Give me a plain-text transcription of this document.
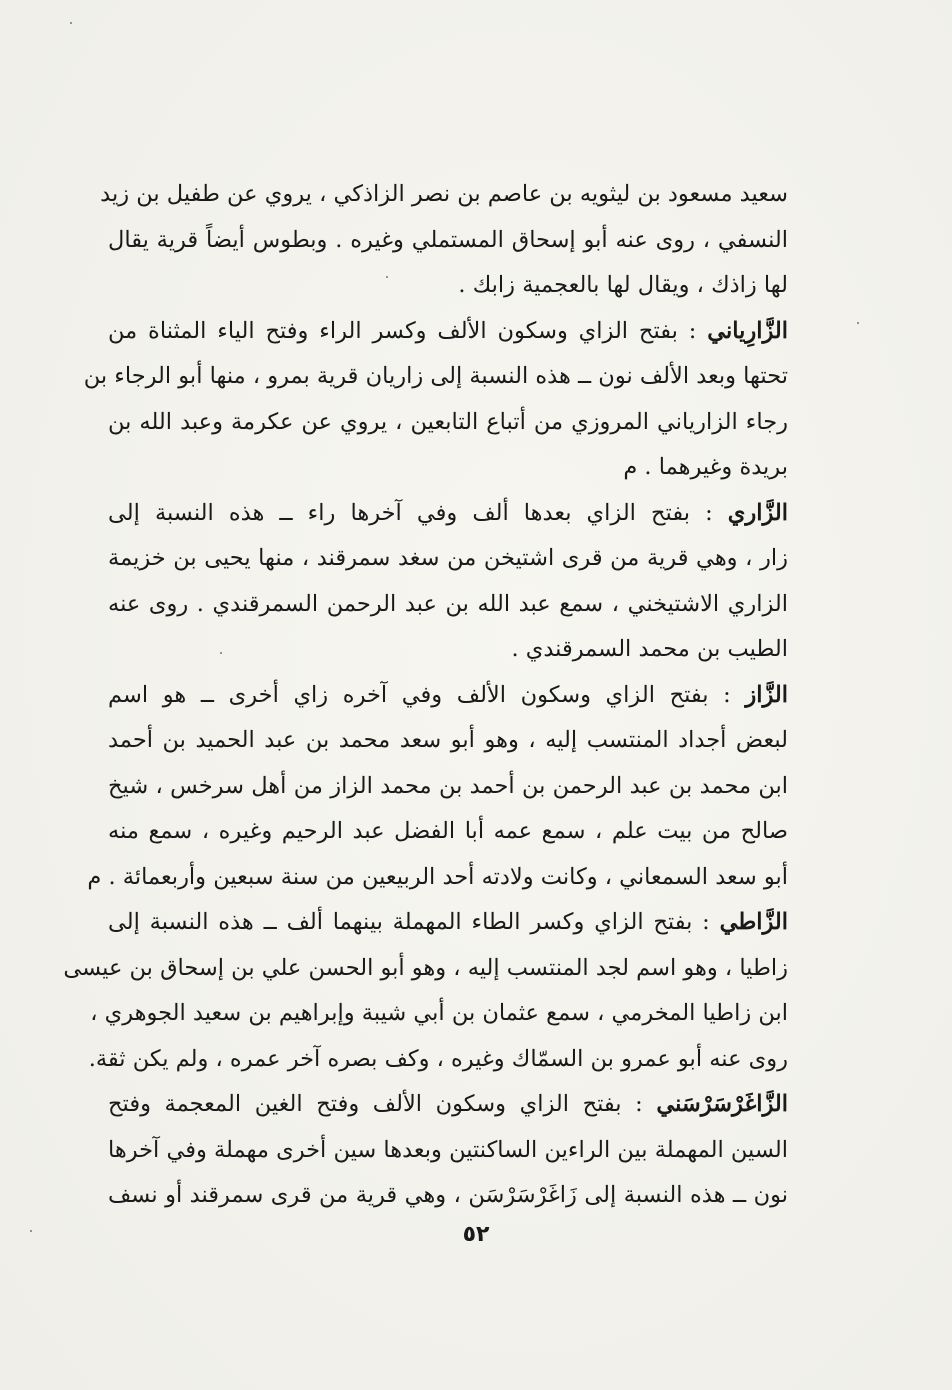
سعيد مسعود بن ليثويه بن عاصم بن نصر الزاذكي ، يروي عن طفيل بن زيد
النسفي ، روى عنه أبو إسحاق المستملي وغيره . وبطوس أيضاً قرية يقال
لها زاذك ، ويقال لها بالعجمية زابك .

الزَّارِياني : بفتح الزاي وسكون الألف وكسر الراء وفتح الياء المثناة من
تحتها وبعد الألف نون ــ هذه النسبة إلى زاريان قرية بمرو ، منها أبو الرجاء بن
رجاء الزارياني المروزي من أتباع التابعين ، يروي عن عكرمة وعبد الله بن
بريدة وغيرهما . م

الزَّاري : بفتح الزاي بعدها ألف وفي آخرها راء ــ هذه النسبة إلى
زار ، وهي قرية من قرى اشتيخن من سغد سمرقند ، منها يحيى بن خزيمة
الزاري الاشتيخني ، سمع عبد الله بن عبد الرحمن السمرقندي . روى عنه
الطيب بن محمد السمرقندي .

الزَّاز : بفتح الزاي وسكون الألف وفي آخره زاي أخرى ــ هو اسم
لبعض أجداد المنتسب إليه ، وهو أبو سعد محمد بن عبد الحميد بن أحمد
ابن محمد بن عبد الرحمن بن أحمد بن محمد الزاز من أهل سرخس ، شيخ
صالح من بيت علم ، سمع عمه أبا الفضل عبد الرحيم وغيره ، سمع منه
أبو سعد السمعاني ، وكانت ولادته أحد الربيعين من سنة سبعين وأربعمائة . م

الزَّاطي : بفتح الزاي وكسر الطاء المهملة بينهما ألف ــ هذه النسبة إلى
زاطيا ، وهو اسم لجد المنتسب إليه ، وهو أبو الحسن علي بن إسحاق بن عيسى
ابن زاطيا المخرمي ، سمع عثمان بن أبي شيبة وإبراهيم بن سعيد الجوهري ،
روى عنه أبو عمرو بن السمّاك وغيره ، وكف بصره آخر عمره ، ولم يكن ثقة.

الزَّاغَرْسَرْسَني : بفتح الزاي وسكون الألف وفتح الغين المعجمة وفتح
السين المهملة بين الراءين الساكنتين وبعدها سين أخرى مهملة وفي آخرها
نون ــ هذه النسبة إلى زَاغَرْسَرْسَن ، وهي قرية من قرى سمرقند أو نسف

٥٢
